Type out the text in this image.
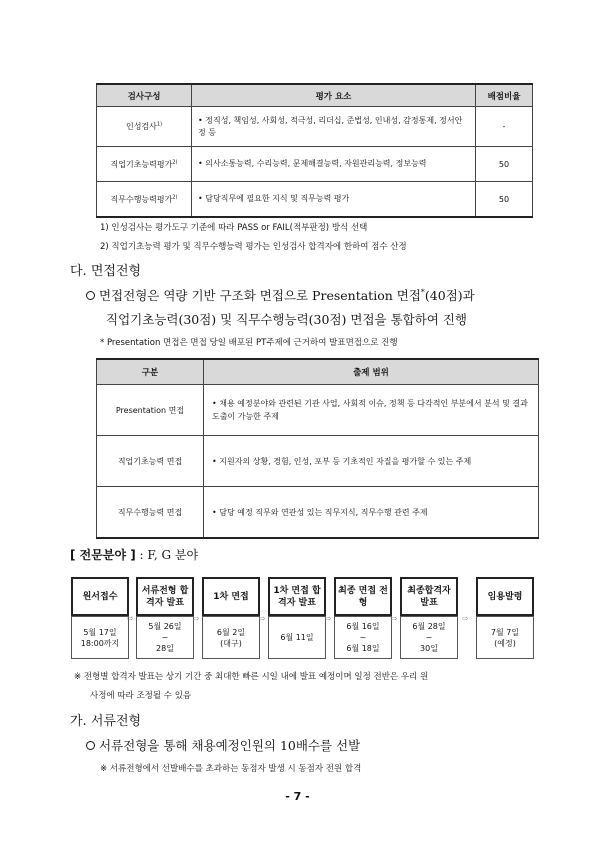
검사구성	평가 요소	배점비율
인성검사$^{1)}$	• 정직성, 책임성, 사회성, 적극성, 리더십, 준법성, 인내성, 감정통제, 정서안정 등	-
직업기초능력평가$^{2)}$	• 의사소통능력, 수리능력, 문제해결능력, 자원관리능력, 정보능력	50
직무수행능력평가$^{2)}$	• 담당직무에 필요한 지식 및 직무능력 평가	50
1) 인성검사는 평가도구 기준에 따라 PASS or FAIL(적부판정) 방식 선택
2) 직업기초능력 평가 및 직무수행능력 평가는 인성검사 합격자에 한하여 점수 산정
다. 면접전형
면접전형은 역량 기반 구조화 면접으로 Presentation 면접*(40점)과
직업기초능력(30점) 및 직무수행능력(30점) 면접을 통합하여 진행
* Presentation 면접은 면접 당일 배포된 PT주제에 근거하여 발표면접으로 진행
구분	출제 범위
Presentation 면접	• 채용 예정분야와 관련된 기관 사업, 사회적 이슈, 정책 등 다각적인 부분에서 분석 및 결과 도출이 가능한 주제
직업기초능력 면접	• 지원자의 상황, 경험, 인성, 포부 등 기초적인 자질을 평가할 수 있는 주제
직무수행능력 면접	• 담당 예정 직무와 연관성 있는 직무지식, 직무수행 관련 주제
[ 전문분야 ] : F, G 분야
원서접수
서류전형 합격자 발표
1차 면접
1차 면접 합격자 발표
최종 면접 전형
최종합격자 발표
임용발령
5월 17일
18:00까지
5월 26일
~
28일
6월 2일
(대구)
6월 11일
6월 16일
~
6월 18일
6월 28일
~
30일
7월 7일
(예정)
⇨	⇨	⇨	⇨	⇨	⇨
※ 전형별 합격자 발표는 상기 기간 중 최대한 빠른 시일 내에 발표 예정이며 일정 전반은 우리 원
사정에 따라 조정될 수 있음
가. 서류전형
서류전형을 통해 채용예정인원의 10배수를 선발
※ 서류전형에서 선발배수를 초과하는 동점자 발생 시 동점자 전원 합격
- 7 -
